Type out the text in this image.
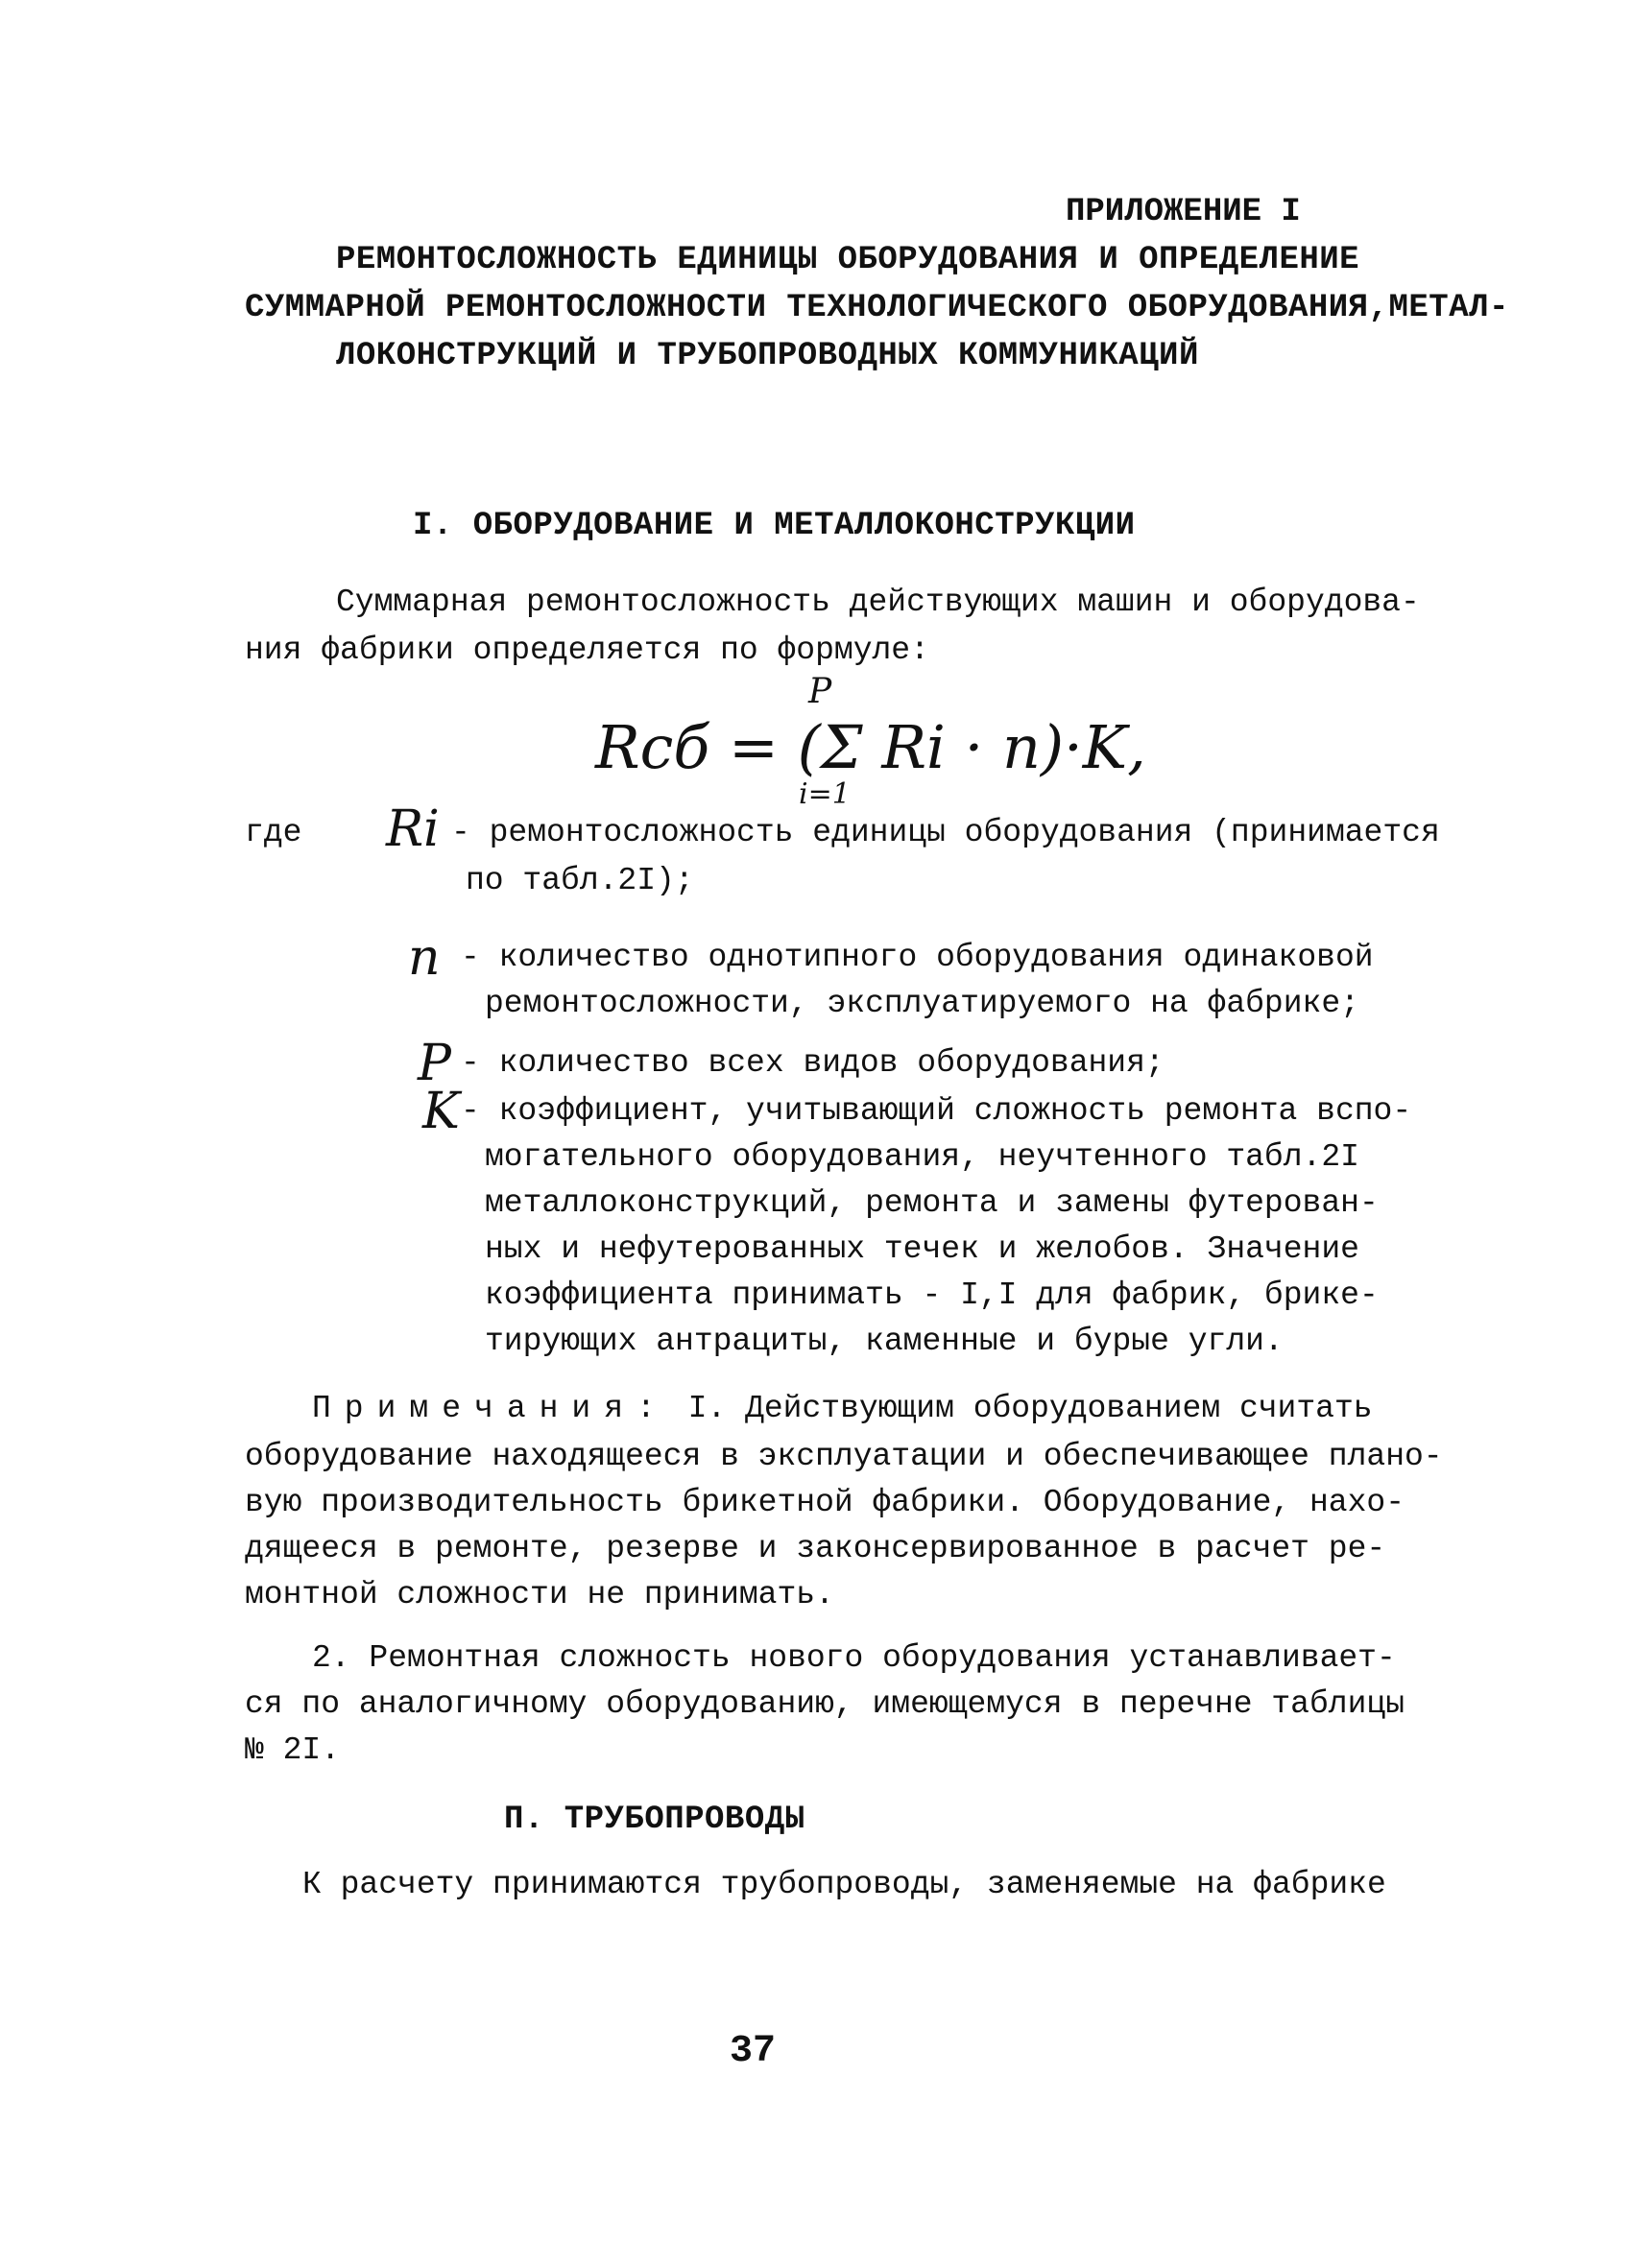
ПРИЛОЖЕНИЕ I
РЕМОНТОСЛОЖНОСТЬ ЕДИНИЦЫ ОБОРУДОВАНИЯ И ОПРЕДЕЛЕНИЕ
СУММАРНОЙ РЕМОНТОСЛОЖНОСТИ ТЕХНОЛОГИЧЕСКОГО ОБОРУДОВАНИЯ,МЕТАЛ-
ЛОКОНСТРУКЦИЙ И ТРУБОПРОВОДНЫХ КОММУНИКАЦИЙ
I. ОБОРУДОВАНИЕ И МЕТАЛЛОКОНСТРУКЦИИ
Суммарная ремонтосложность действующих машин и оборудова-
ния фабрики определяется по формуле:
P
Rсб = (Σ Ri · n)·K,
i=1
где Ri - ремонтосложность единицы оборудования (принимается
по табл.2I);
n - количество однотипного оборудования одинаковой
ремонтосложности, эксплуатируемого на фабрике;
P - количество всех видов оборудования;
K - коэффициент, учитывающий сложность ремонта вспо-
могательного оборудования, неучтенного табл.2I
металлоконструкций, ремонта и замены футерован-
ных и нефутерованных течек и желобов. Значение
коэффициента принимать - I,I для фабрик, брике-
тирующих антрациты, каменные и бурые угли.
Примечания: I. Действующим оборудованием считать
оборудование находящееся в эксплуатации и обеспечивающее плано-
вую производительность брикетной фабрики. Оборудование, нахо-
дящееся в ремонте, резерве и законсервированное в расчет ре-
монтной сложности не принимать.
2. Ремонтная сложность нового оборудования устанавливает-
ся по аналогичному оборудованию, имеющемуся в перечне таблицы
№ 2I.
П. ТРУБОПРОВОДЫ
К расчету принимаются трубопроводы, заменяемые на фабрике
37
